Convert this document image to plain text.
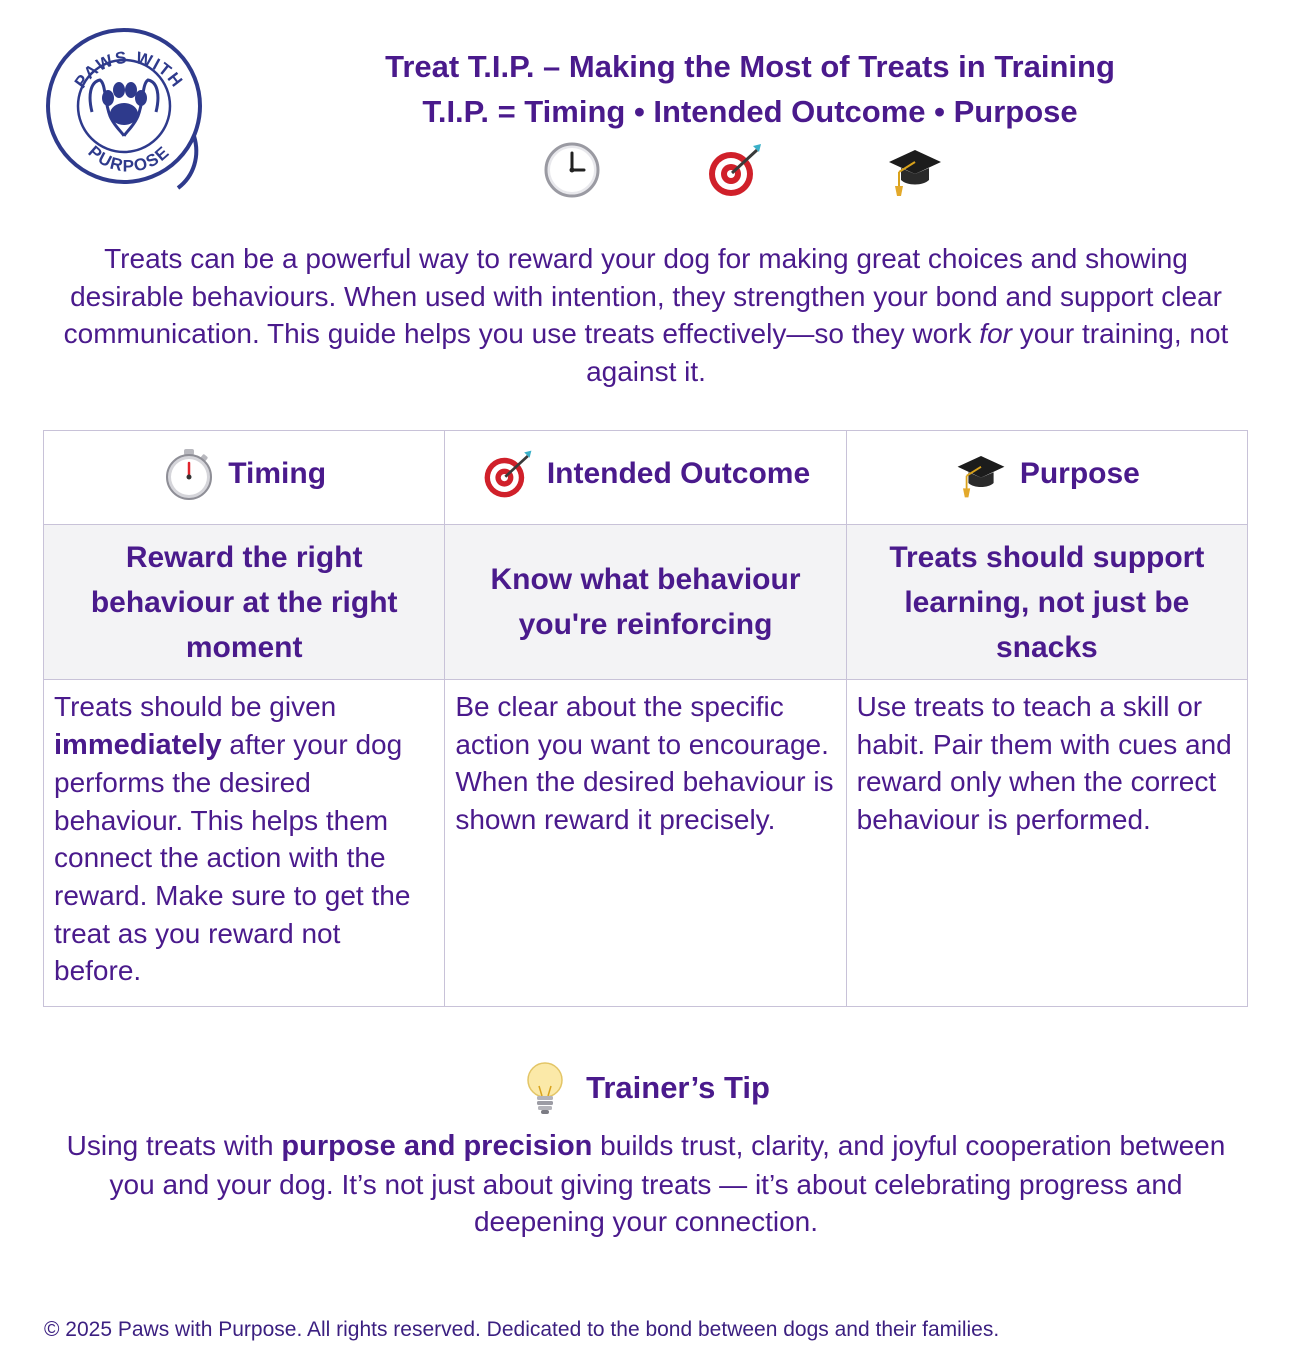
PAWS WITH
PURPOSE
Treat T.I.P. – Making the Most of Treats in Training
T.I.P. = Timing • Intended Outcome • Purpose
Treats can be a powerful way to reward your dog for making great choices and showing desirable behaviours. When used with intention, they strengthen your bond and support clear communication. This guide helps you use treats effectively—so they work for your training, not against it.
Timing	Intended Outcome	Purpose

Reward the right behaviour at the right moment	Know what behaviour you're reinforcing	Treats should support learning, not just be snacks
Treats should be given immediately after your dog performs the desired behaviour. This helps them connect the action with the reward. Make sure to get the treat as you reward not before.	Be clear about the specific action you want to encourage. When the desired behaviour is shown reward it precisely.	Use treats to teach a skill or habit. Pair them with cues and reward only when the correct behaviour is performed.
Trainer’s Tip
Using treats with purpose and precision builds trust, clarity, and joyful cooperation between you and your dog. It’s not just about giving treats — it’s about celebrating progress and deepening your connection.
© 2025 Paws with Purpose. All rights reserved. Dedicated to the bond between dogs and their families.
